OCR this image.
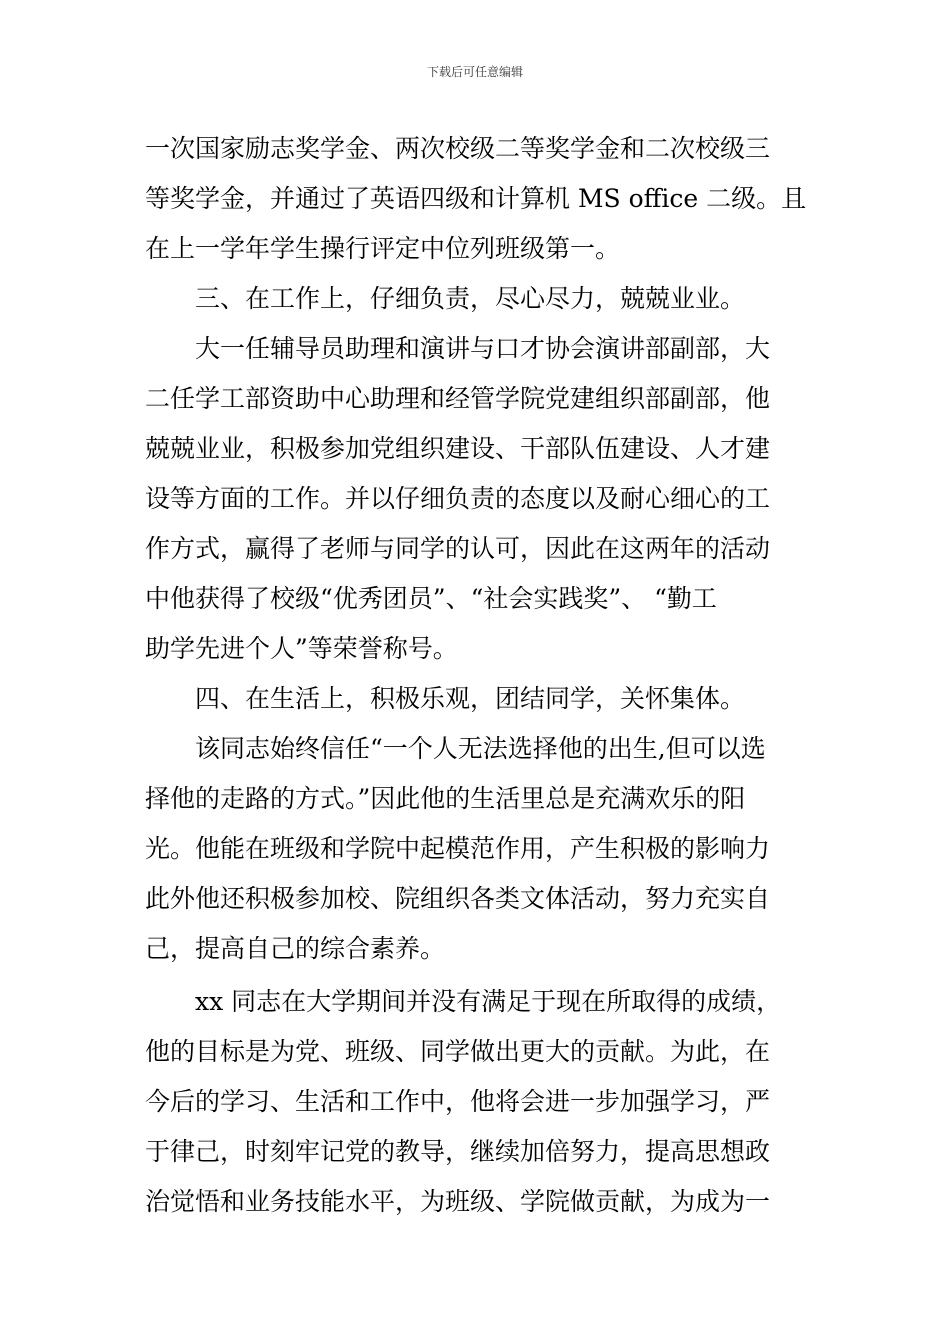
下载后可任意编辑
一次国家励志奖学金、两次校级二等奖学金和二次校级三
等奖学金，并通过了英语四级和计算机 MS office 二级。且
在上一学年学生操行评定中位列班级第一。
三、在工作上，仔细负责，尽心尽力，兢兢业业。
大一任辅导员助理和演讲与口才协会演讲部副部，大
二任学工部资助中心助理和经管学院党建组织部副部，他
兢兢业业，积极参加党组织建设、干部队伍建设、人才建
设等方面的工作。并以仔细负责的态度以及耐心细心的工
作方式，赢得了老师与同学的认可，因此在这两年的活动
中他获得了校级“优秀团员”、“社会实践奖”、 “勤工
助学先进个人”等荣誉称号。
四、在生活上，积极乐观，团结同学，关怀集体。
该同志始终信任“一个人无法选择他的出生,但可以选
择他的走路的方式。”因此他的生活里总是充满欢乐的阳
光。他能在班级和学院中起模范作用，产生积极的影响力
此外他还积极参加校、院组织各类文体活动，努力充实自
己，提高自己的综合素养。
xx 同志在大学期间并没有满足于现在所取得的成绩，
他的目标是为党、班级、同学做出更大的贡献。为此，在
今后的学习、生活和工作中，他将会进一步加强学习，严
于律己，时刻牢记党的教导，继续加倍努力，提高思想政
治觉悟和业务技能水平，为班级、学院做贡献，为成为一
